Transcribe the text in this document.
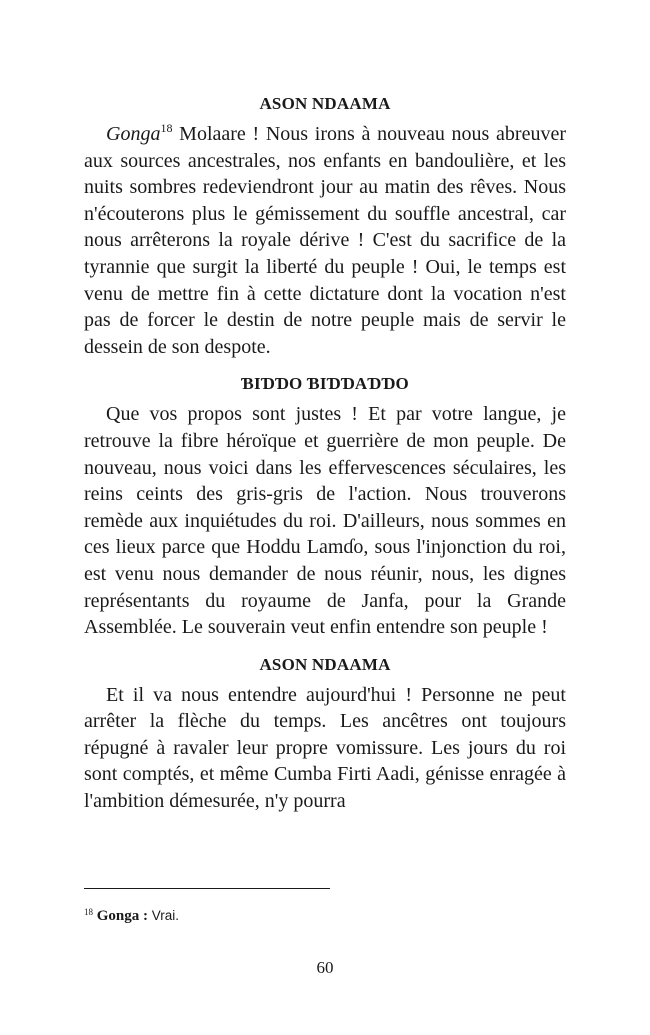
ASON NDAAMA

Gonga$^{18}$ Molaare ! Nous irons à nouveau nous abreuver aux sources ancestrales, nos enfants en bandoulière, et les nuits sombres redeviendront jour au matin des rêves. Nous n'écouterons plus le gémissement du souffle ancestral, car nous arrêterons la royale dérive ! C'est du sacrifice de la tyrannie que surgit la liberté du peuple ! Oui, le temps est venu de mettre fin à cette dictature dont la vocation n'est pas de forcer le destin de notre peuple mais de servir le dessein de son despote.

ƁIƊƊO ƁIƊƊAƊƊO

Que vos propos sont justes ! Et par votre langue, je retrouve la fibre héroïque et guerrière de mon peuple. De nouveau, nous voici dans les effervescences séculaires, les reins ceints des gris-gris de l'action. Nous trouverons remède aux inquiétudes du roi. D'ailleurs, nous sommes en ces lieux parce que Hoddu Lamɗo, sous l'injonction du roi, est venu nous demander de nous réunir, nous, les dignes représentants du royaume de Janfa, pour la Grande Assemblée. Le souverain veut enfin entendre son peuple !

ASON NDAAMA

Et il va nous entendre aujourd'hui ! Personne ne peut arrêter la flèche du temps. Les ancêtres ont toujours répugné à ravaler leur propre vomissure. Les jours du roi sont comptés, et même Cumba Firti Aadi, génisse enragée à l'ambition démesurée, n'y pourra

$^{18}$ Gonga : Vrai.
60
